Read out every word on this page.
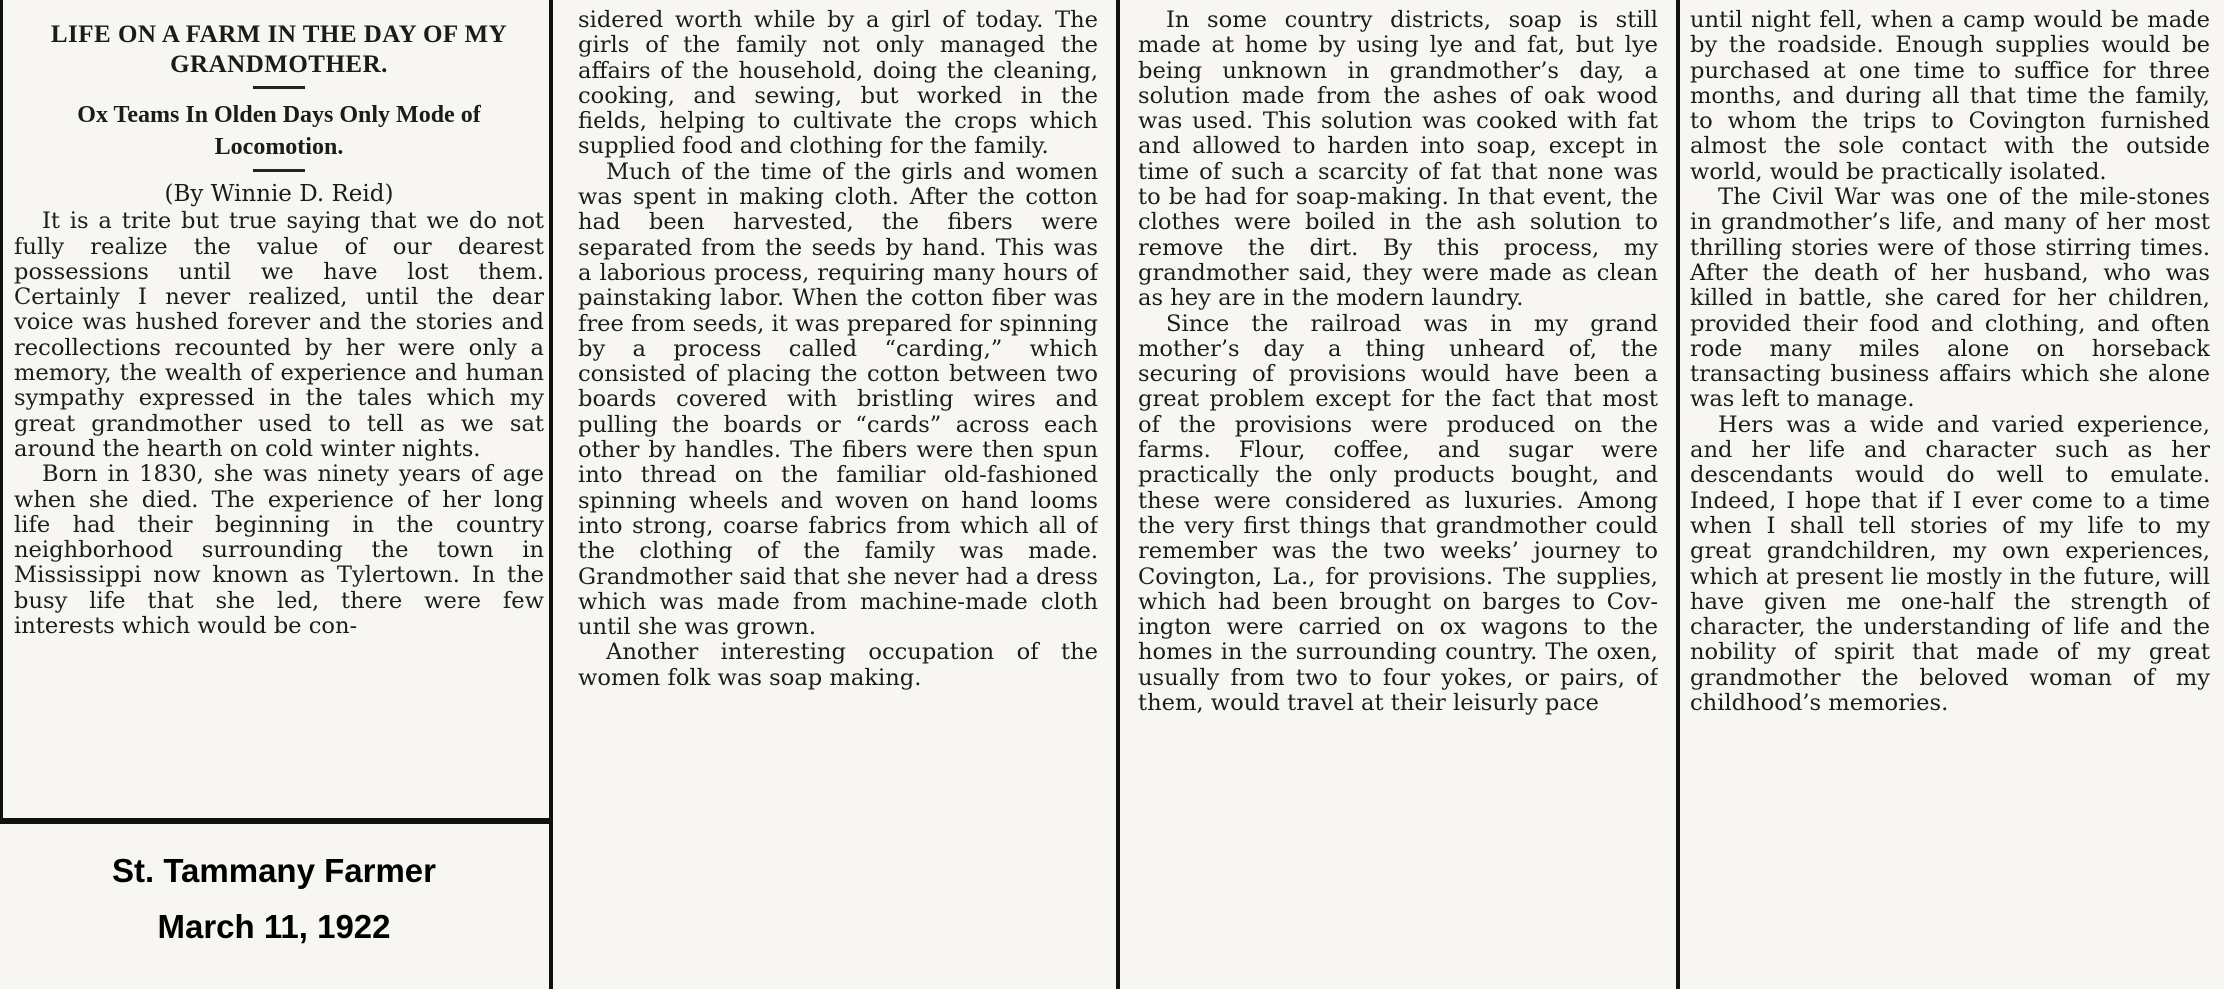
LIFE ON A FARM IN THE DAY OF MY GRANDMOTHER.
Ox Teams In Olden Days Only Mode of Locomotion.
(By Winnie D. Reid)

It is a trite but true saying that we do not fully realize the value of our dearest possessions until we have lost them. Certainly I never realized, until the dear voice was hushed forever and the stories and recollections recounted by her were only a memory, the wealth of experience and human sympathy expressed in the tales which my great grandmother used to tell as we sat around the hearth on cold winter nights.

Born in 1830, she was ninety years of age when she died. The experience of her long life had their beginning in the country neighborhood surrounding the town in Mississippi now known as Tylertown. In the busy life that she led, there were few interests which would be con-

sidered worth while by a girl of today. The girls of the family not only managed the affairs of the household, doing the cleaning, cooking, and sewing, but worked in the fields, helping to cultivate the crops which supplied food and clothing for the family.

Much of the time of the girls and women was spent in making cloth. After the cotton had been harvested, the fibers were separated from the seeds by hand. This was a laborious process, requiring many hours of painstaking labor. When the cotton fiber was free from seeds, it was prepared for spinning by a process called “carding,” which consisted of placing the cotton between two boards covered with bristling wires and pulling the boards or “cards” across each other by handles. The fibers were then spun into thread on the familiar old-fashioned spinning wheels and woven on hand looms into strong, coarse fabrics from which all of the clothing of the family was made. Grandmother said that she never had a dress which was made from machine-made cloth until she was grown.

Another interesting occupation of the women folk was soap making.

In some country districts, soap is still made at home by using lye and fat, but lye being unknown in grandmother’s day, a solution made from the ashes of oak wood was used. This solution was cooked with fat and allowed to harden into soap, except in time of such a scarcity of fat that none was to be had for soap-making. In that event, the clothes were boiled in the ash solution to remove the dirt. By this process, my grandmother said, they were made as clean as hey are in the modern laundry.

Since the railroad was in my grand mother’s day a thing unheard of, the securing of provisions would have been a great problem except for the fact that most of the provisions were produced on the farms. Flour, coffee, and sugar were practically the only products bought, and these were considered as luxuries. Among the very first things that grandmother could remember was the two weeks’ journey to Covington, La., for provisions. The supplies, which had been brought on barges to Covington were carried on ox wagons to the homes in the surrounding country. The oxen, usually from two to four yokes, or pairs, of them, would travel at their leisurly pace

until night fell, when a camp would be made by the roadside. Enough supplies would be purchased at one time to suffice for three months, and during all that time the family, to whom the trips to Covington furnished almost the sole contact with the outside world, would be practically isolated.

The Civil War was one of the mile-stones in grandmother’s life, and many of her most thrilling stories were of those stirring times. After the death of her husband, who was killed in battle, she cared for her children, provided their food and clothing, and often rode many miles alone on horseback transacting business affairs which she alone was left to manage.

Hers was a wide and varied experience, and her life and character such as her descendants would do well to emulate. Indeed, I hope that if I ever come to a time when I shall tell stories of my life to my great grandchildren, my own experiences, which at present lie mostly in the future, will have given me one-half the strength of character, the understanding of life and the nobility of spirit that made of my great grandmother the beloved woman of my childhood’s memories.

St. Tammany Farmer
March 11, 1922
